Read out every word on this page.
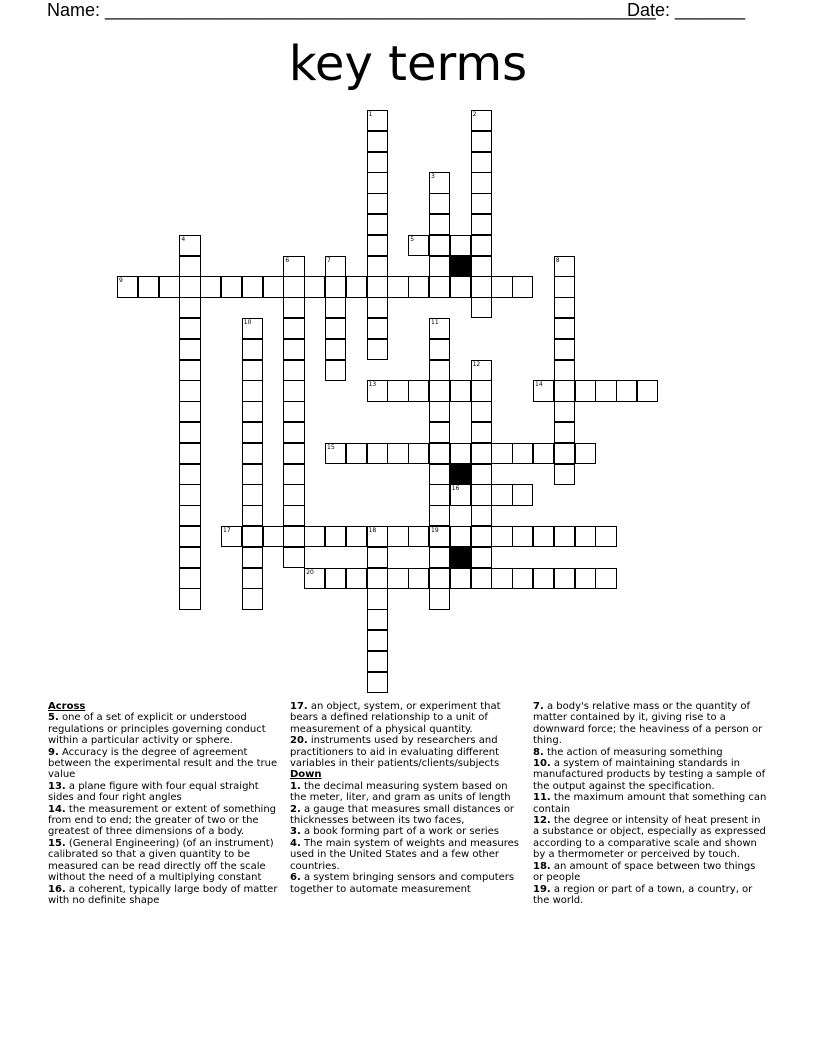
Name: _______________________________________________________
Date: _______
key terms
1	2
3
4	5
6	7	8
9
10	11
12
13	14
15
16
17	18	19
20
Across
5. one of a set of explicit or understood regulations or principles governing conduct within a particular activity or sphere.
9. Accuracy is the degree of agreement between the experimental result and the true value
13. a plane figure with four equal straight sides and four right angles
14. the measurement or extent of something from end to end; the greater of two or the greatest of three dimensions of a body.
15. (General Engineering) (of an instrument) calibrated so that a given quantity to be measured can be read directly off the scale without the need of a multiplying constant
16. a coherent, typically large body of matter with no definite shape
17. an object, system, or experiment that bears a defined relationship to a unit of measurement of a physical quantity.
20. instruments used by researchers and practitioners to aid in evaluating different variables in their patients/clients/subjects
Down
1. the decimal measuring system based on the meter, liter, and gram as units of length
2. a gauge that measures small distances or thicknesses between its two faces,
3. a book forming part of a work or series
4. The main system of weights and measures used in the United States and a few other countries.
6. a system bringing sensors and computers together to automate measurement
7. a body's relative mass or the quantity of matter contained by it, giving rise to a downward force; the heaviness of a person or thing.
8. the action of measuring something
10. a system of maintaining standards in manufactured products by testing a sample of the output against the specification.
11. the maximum amount that something can contain
12. the degree or intensity of heat present in a substance or object, especially as expressed according to a comparative scale and shown by a thermometer or perceived by touch.
18. an amount of space between two things or people
19. a region or part of a town, a country, or the world.
